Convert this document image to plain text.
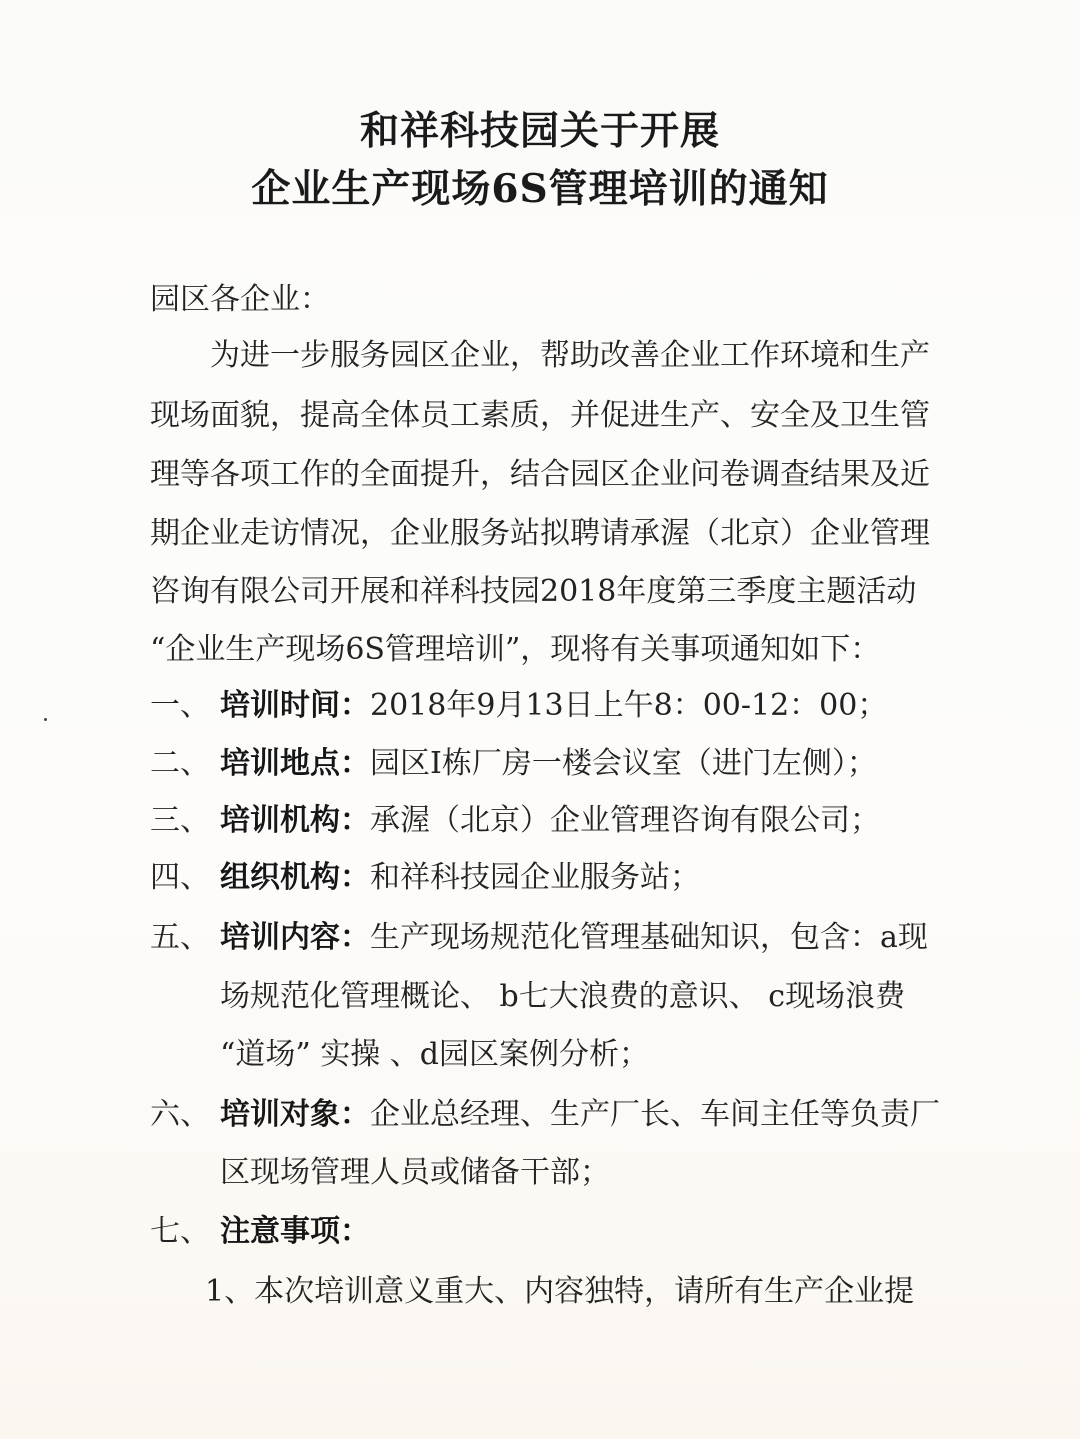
和祥科技园关于开展
企业生产现场6S管理培训的通知
园区各企业：
为进一步服务园区企业，帮助改善企业工作环境和生产
现场面貌，提高全体员工素质，并促进生产、安全及卫生管
理等各项工作的全面提升，结合园区企业问卷调查结果及近
期企业走访情况，企业服务站拟聘请承渥（北京）企业管理
咨询有限公司开展和祥科技园2018年度第三季度主题活动
“企业生产现场6S管理培训”，现将有关事项通知如下：
一、 培训时间：2018年9月13日上午8：00-12：00；
二、 培训地点：园区I栋厂房一楼会议室（进门左侧）；
三、 培训机构：承渥（北京）企业管理咨询有限公司；
四、 组织机构：和祥科技园企业服务站；
五、 培训内容：生产现场规范化管理基础知识，包含：a现
场规范化管理概论、 b七大浪费的意识、 c现场浪费
“道场” 实操 、d园区案例分析；
六、 培训对象：企业总经理、生产厂长、车间主任等负责厂
区现场管理人员或储备干部；
七、 注意事项：
1、本次培训意义重大、内容独特，请所有生产企业提
